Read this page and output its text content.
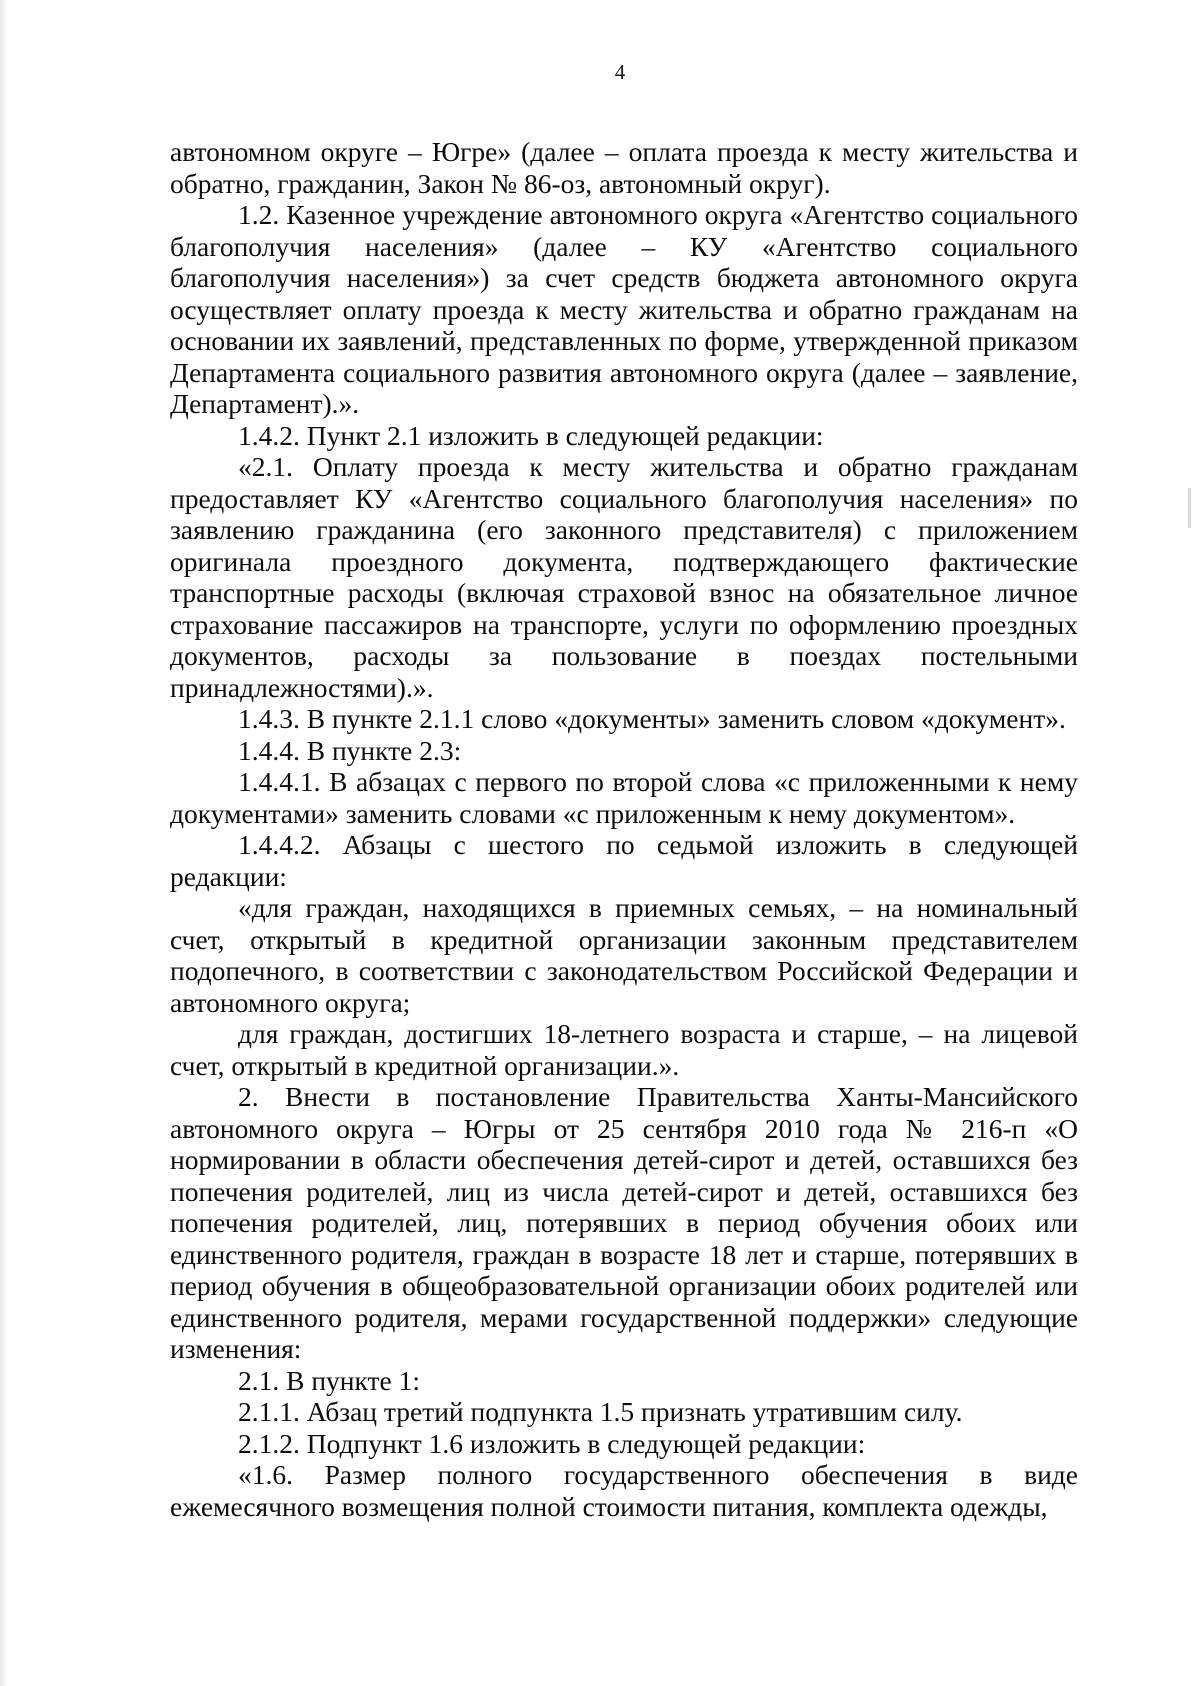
4

автономном округе – Югре» (далее – оплата проезда к месту жительства и обратно, гражданин, Закон № 86-оз, автономный округ).

1.2. Казенное учреждение автономного округа «Агентство социального благополучия населения» (далее – КУ «Агентство социального благополучия населения») за счет средств бюджета автономного округа осуществляет оплату проезда к месту жительства и обратно гражданам на основании их заявлений, представленных по форме, утвержденной приказом Департамента социального развития автономного округа (далее – заявление, Департамент).».

1.4.2. Пункт 2.1 изложить в следующей редакции:

«2.1. Оплату проезда к месту жительства и обратно гражданам предоставляет КУ «Агентство социального благополучия населения» по заявлению гражданина (его законного представителя) с приложением оригинала проездного документа, подтверждающего фактические транспортные расходы (включая страховой взнос на обязательное личное страхование пассажиров на транспорте, услуги по оформлению проездных документов, расходы за пользование в поездах постельными принадлежностями).».

1.4.3. В пункте 2.1.1 слово «документы» заменить словом «документ».

1.4.4. В пункте 2.3:

1.4.4.1. В абзацах с первого по второй слова «с приложенными к нему документами» заменить словами «с приложенным к нему документом».

1.4.4.2. Абзацы с шестого по седьмой изложить в следующей редакции:

«для граждан, находящихся в приемных семьях, – на номинальный счет, открытый в кредитной организации законным представителем подопечного, в соответствии с законодательством Российской Федерации и автономного округа;

для граждан, достигших 18-летнего возраста и старше, – на лицевой счет, открытый в кредитной организации.».

2. Внести в постановление Правительства Ханты-Мансийского автономного округа – Югры от 25 сентября 2010 года № 216-п «О нормировании в области обеспечения детей-сирот и детей, оставшихся без попечения родителей, лиц из числа детей-сирот и детей, оставшихся без попечения родителей, лиц, потерявших в период обучения обоих или единственного родителя, граждан в возрасте 18 лет и старше, потерявших в период обучения в общеобразовательной организации обоих родителей или единственного родителя, мерами государственной поддержки» следующие изменения:

2.1. В пункте 1:

2.1.1. Абзац третий подпункта 1.5 признать утратившим силу.

2.1.2. Подпункт 1.6 изложить в следующей редакции:

«1.6. Размер полного государственного обеспечения в виде ежемесячного возмещения полной стоимости питания, комплекта одежды,
